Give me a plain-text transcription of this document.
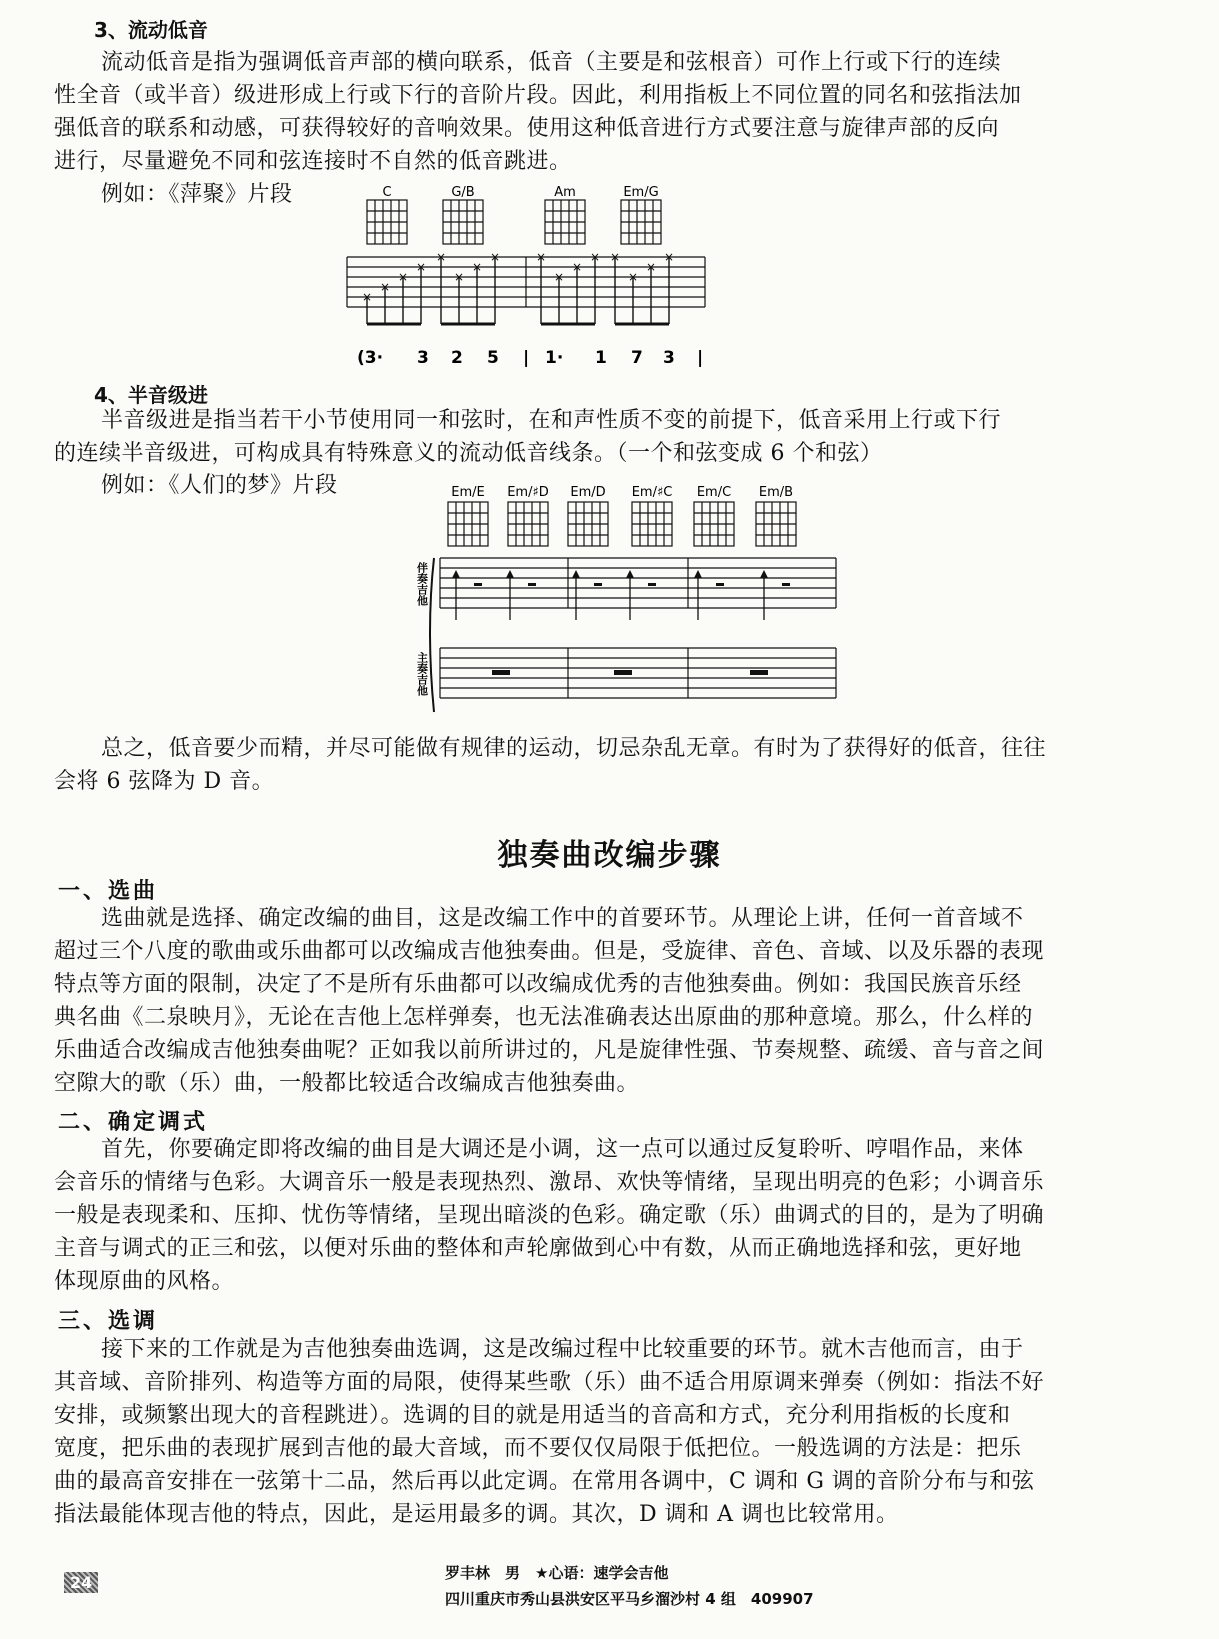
3、流动低音
流动低音是指为强调低音声部的横向联系，低音（主要是和弦根音）可作上行或下行的连续
性全音（或半音）级进形成上行或下行的音阶片段。因此，利用指板上不同位置的同名和弦指法加
强低音的联系和动感，可获得较好的音响效果。使用这种低音进行方式要注意与旋律声部的反向
进行，尽量避免不同和弦连接时不自然的低音跳进。
例如：《萍聚》片段	C	G/B	Am	Em/G
×
×
×
×
×
×
×
×	×
×
×
× ×
×
×
×
(3· 3 2 5 | 1· 1 7 3 |
4、半音级进
半音级进是指当若干小节使用同一和弦时，在和声性质不变的前提下，低音采用上行或下行
的连续半音级进，可构成具有特殊意义的流动低音线条。（一个和弦变成 6 个和弦）
例如：《人们的梦》片段	Em/E Em/♯D Em/D Em/♯C Em/C Em/B
伴奏吉他
主奏吉他
总之，低音要少而精，并尽可能做有规律的运动，切忌杂乱无章。有时为了获得好的低音，往往
会将 6 弦降为 D 音。
独奏曲改编步骤
一、选曲
选曲就是选择、确定改编的曲目，这是改编工作中的首要环节。从理论上讲，任何一首音域不
超过三个八度的歌曲或乐曲都可以改编成吉他独奏曲。但是，受旋律、音色、音域、以及乐器的表现
特点等方面的限制，决定了不是所有乐曲都可以改编成优秀的吉他独奏曲。例如：我国民族音乐经
典名曲《二泉映月》，无论在吉他上怎样弹奏，也无法准确表达出原曲的那种意境。那么，什么样的
乐曲适合改编成吉他独奏曲呢？正如我以前所讲过的，凡是旋律性强、节奏规整、疏缓、音与音之间
空隙大的歌（乐）曲，一般都比较适合改编成吉他独奏曲。
二、确定调式
首先，你要确定即将改编的曲目是大调还是小调，这一点可以通过反复聆听、哼唱作品，来体
会音乐的情绪与色彩。大调音乐一般是表现热烈、激昂、欢快等情绪，呈现出明亮的色彩；小调音乐
一般是表现柔和、压抑、忧伤等情绪，呈现出暗淡的色彩。确定歌（乐）曲调式的目的，是为了明确
主音与调式的正三和弦，以便对乐曲的整体和声轮廓做到心中有数，从而正确地选择和弦，更好地
体现原曲的风格。
三、选调
接下来的工作就是为吉他独奏曲选调，这是改编过程中比较重要的环节。就木吉他而言，由于
其音域、音阶排列、构造等方面的局限，使得某些歌（乐）曲不适合用原调来弹奏（例如：指法不好
安排，或频繁出现大的音程跳进）。选调的目的就是用适当的音高和方式，充分利用指板的长度和
宽度，把乐曲的表现扩展到吉他的最大音域，而不要仅仅局限于低把位。一般选调的方法是：把乐
曲的最高音安排在一弦第十二品，然后再以此定调。在常用各调中，C 调和 G 调的音阶分布与和弦
指法最能体现吉他的特点，因此，是运用最多的调。其次，D 调和 A 调也比较常用。
24	罗丰林　男　★心语：速学会吉他
四川重庆市秀山县洪安区平马乡溜沙村 4 组　409907
